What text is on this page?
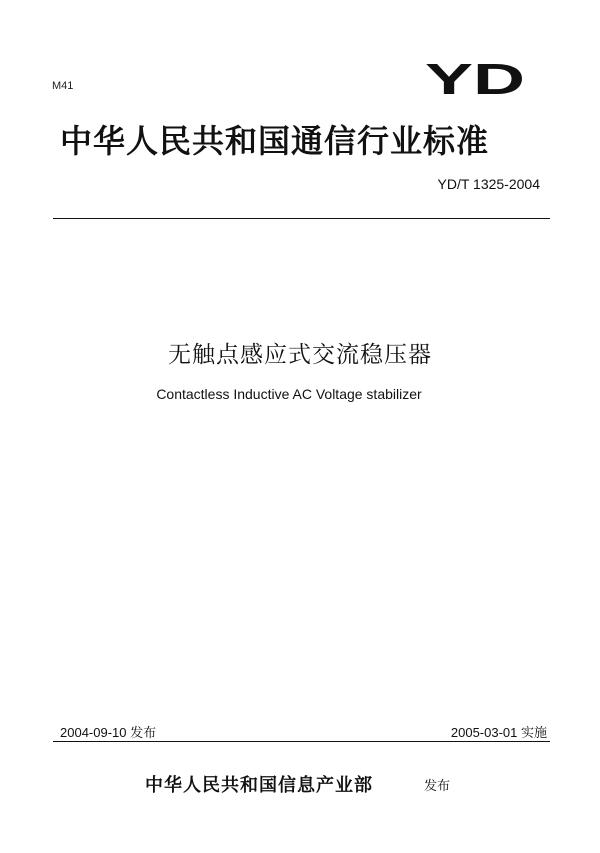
M41	YD
中华人民共和国通信行业标准
YD/T 1325-2004
无触点感应式交流稳压器
Contactless Inductive AC Voltage stabilizer
2004-09-10 发布	2005-03-01 实施
中华人民共和国信息产业部	发布
